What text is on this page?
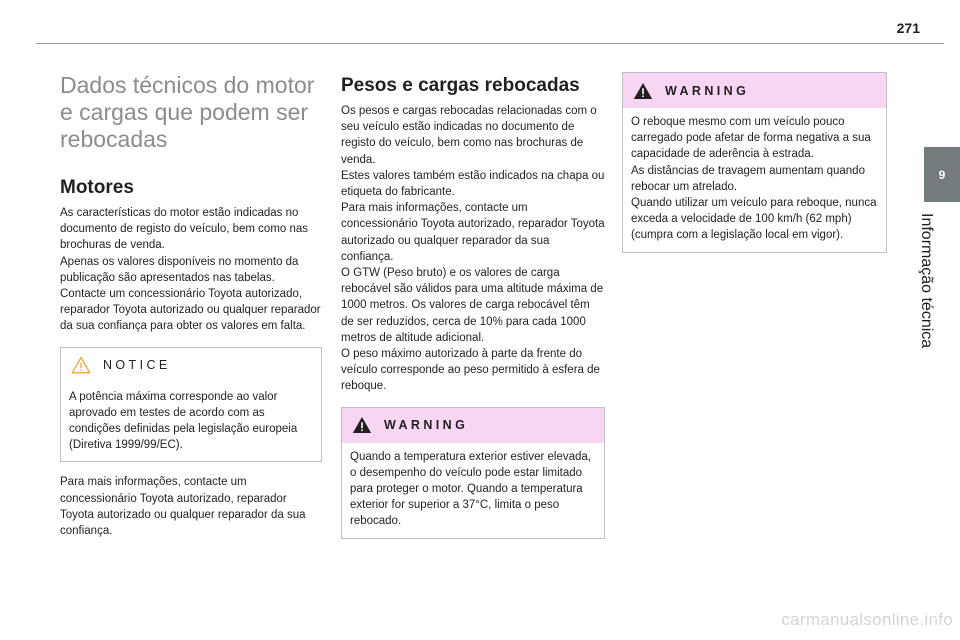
271
9
Informação técnica
Dados técnicos do motor e cargas que podem ser rebocadas
Motores

As características do motor estão indicadas no documento de registo do veículo, bem como nas brochuras de venda.
Apenas os valores disponíveis no momento da publicação são apresentados nas tabelas.
Contacte um concessionário Toyota autorizado, reparador Toyota autorizado ou qualquer reparador da sua confiança para obter os valores em falta.

NOTICE

A potência máxima corresponde ao valor aprovado em testes de acordo com as condições definidas pela legislação europeia (Diretiva 1999/99/EC).

Para mais informações, contacte um concessionário Toyota autorizado, reparador Toyota autorizado ou qualquer reparador da sua confiança.

Pesos e cargas rebocadas

Os pesos e cargas rebocadas relacionadas com o seu veículo estão indicadas no documento de registo do veículo, bem como nas brochuras de venda.
Estes valores também estão indicados na chapa ou etiqueta do fabricante.
Para mais informações, contacte um concessionário Toyota autorizado, reparador Toyota autorizado ou qualquer reparador da sua confiança.
O GTW (Peso bruto) e os valores de carga rebocável são válidos para uma altitude máxima de 1000 metros. Os valores de carga rebocável têm de ser reduzidos, cerca de 10% para cada 1000 metros de altitude adicional.
O peso máximo autorizado à parte da frente do veículo corresponde ao peso permitido à esfera de reboque.

WARNING

Quando a temperatura exterior estiver elevada, o desempenho do veículo pode estar limitado para proteger o motor. Quando a temperatura exterior for superior a 37°C, limita o peso rebocado.

WARNING

O reboque mesmo com um veículo pouco carregado pode afetar de forma negativa a sua capacidade de aderência à estrada.
As distâncias de travagem aumentam quando rebocar um atrelado.
Quando utilizar um veículo para reboque, nunca exceda a velocidade de 100 km/h (62 mph) (cumpra com a legislação local em vigor).

carmanualsonline.info
